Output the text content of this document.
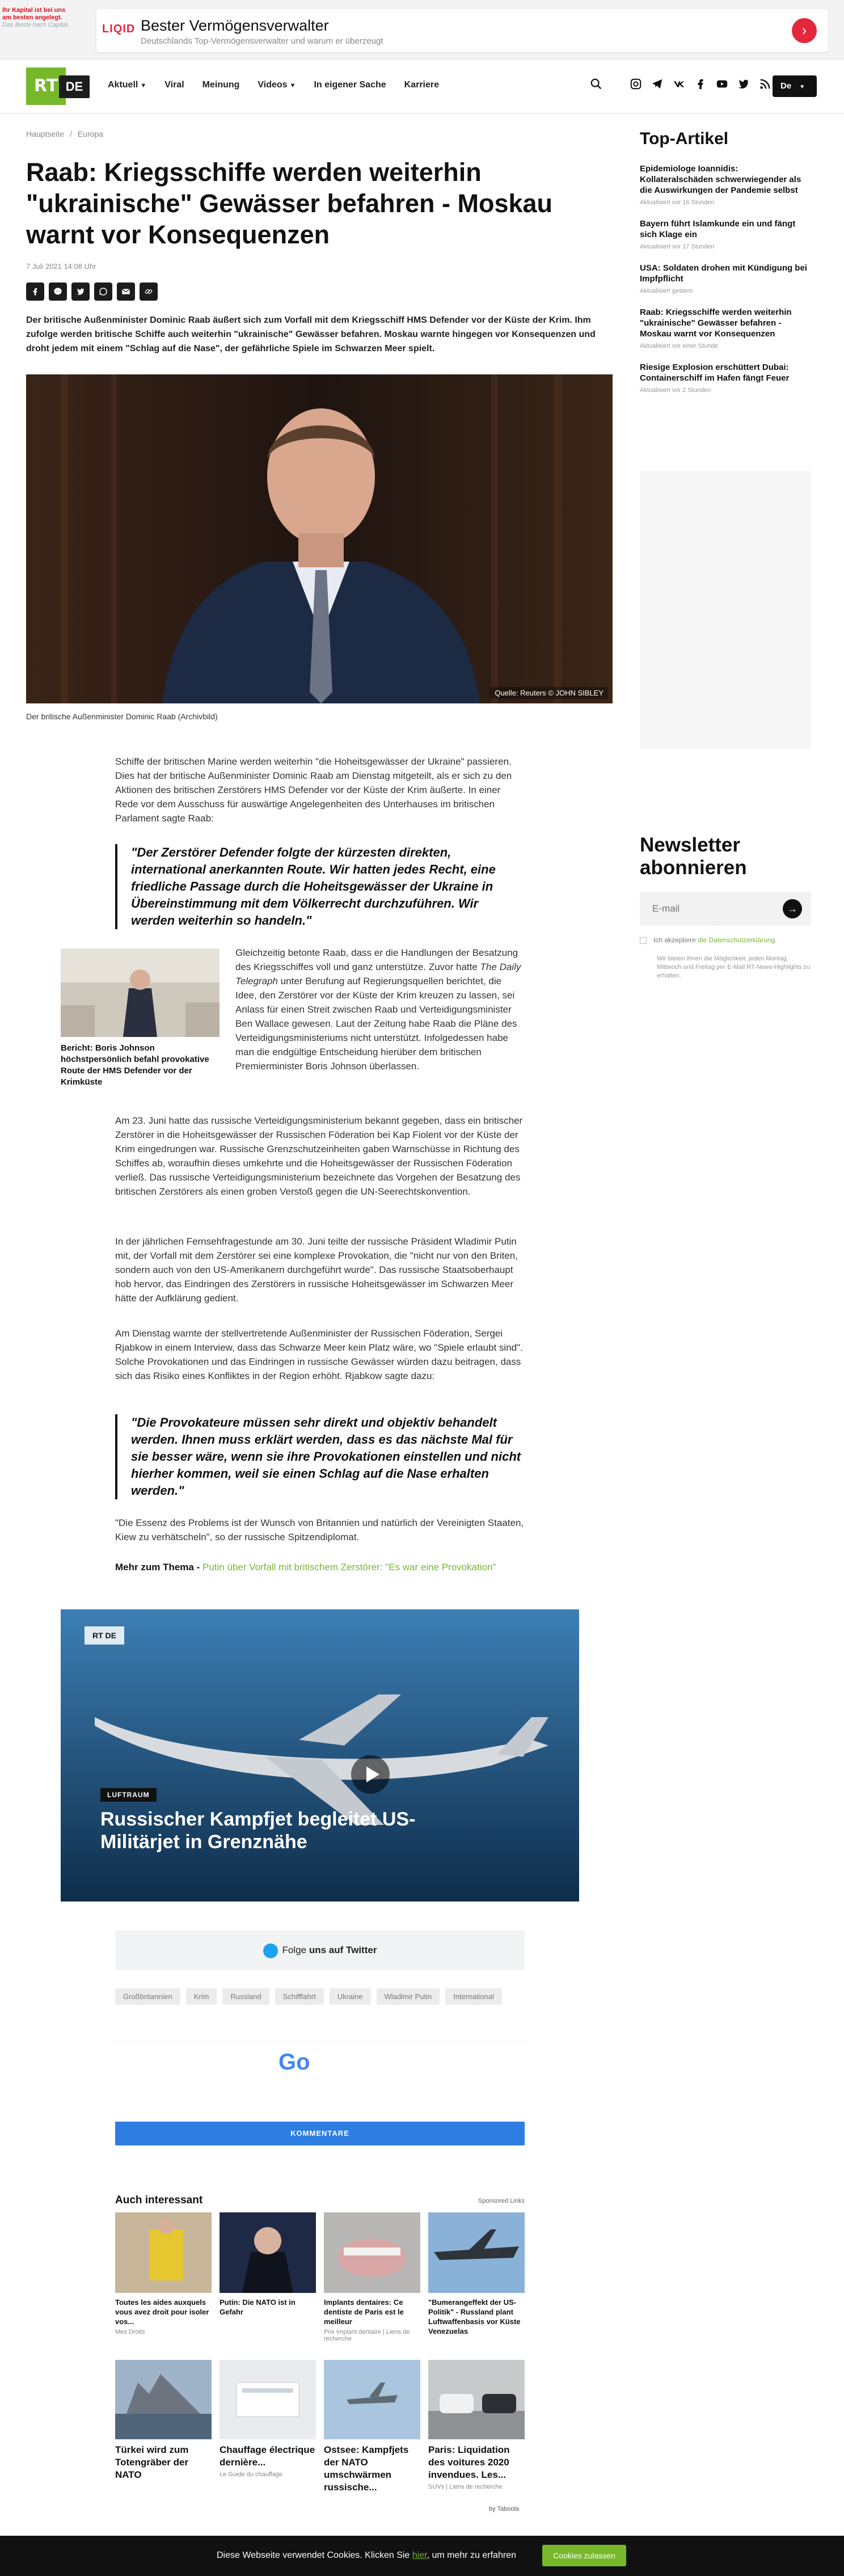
Ihr Kapital ist bei uns
am besten angelegt.
Das Beste nach Capital.	LIQID Bester Vermögensverwalter
Deutschlands Top-Vermögensverwalter und warum er überzeugt
›
RT DE	Aktuell ▼ Viral Meinung Videos ▼ In eigener Sache Karriere	De ▼
Hauptseite / Europa
Raab: Kriegsschiffe werden weiterhin "ukrainische" Gewässer befahren - Moskau warnt vor Konsequenzen
7 Juli 2021 14:08 Uhr

Der britische Außenminister Dominic Raab äußert sich zum Vorfall mit dem Kriegsschiff HMS Defender vor der Küste der Krim. Ihm zufolge werden britische Schiffe auch weiterhin "ukrainische" Gewässer befahren. Moskau warnte hingegen vor Konsequenzen und droht jedem mit einem "Schlag auf die Nase", der gefährliche Spiele im Schwarzen Meer spielt.

Quelle: Reuters © JOHN SIBLEY
Der britische Außenminister Dominic Raab (Archivbild)

Schiffe der britischen Marine werden weiterhin "die Hoheitsgewässer der Ukraine" passieren. Dies hat der britische Außenminister Dominic Raab am Dienstag mitgeteilt, als er sich zu den Aktionen des britischen Zerstörers HMS Defender vor der Küste der Krim äußerte. In einer Rede vor dem Ausschuss für auswärtige Angelegenheiten des Unterhauses im britischen Parlament sagte Raab:

"Der Zerstörer Defender folgte der kürzesten direkten, international anerkannten Route. Wir hatten jedes Recht, eine friedliche Passage durch die Hoheitsgewässer der Ukraine in Übereinstimmung mit dem Völkerrecht durchzuführen. Wir werden weiterhin so handeln."
Bericht: Boris Johnson höchstpersönlich befahl provokative Route der HMS Defender vor der Krimküste

Gleichzeitig betonte Raab, dass er die Handlungen der Besatzung des Kriegsschiffes voll und ganz unterstütze. Zuvor hatte The Daily Telegraph unter Berufung auf Regierungsquellen berichtet, die Idee, den Zerstörer vor der Küste der Krim kreuzen zu lassen, sei Anlass für einen Streit zwischen Raab und Verteidigungsminister Ben Wallace gewesen. Laut der Zeitung habe Raab die Pläne des Verteidigungsministeriums nicht unterstützt. Infolgedessen habe man die endgültige Entscheidung hierüber dem britischen Premierminister Boris Johnson überlassen.

Am 23. Juni hatte das russische Verteidigungsministerium bekannt gegeben, dass ein britischer Zerstörer in die Hoheitsgewässer der Russischen Föderation bei Kap Fiolent vor der Küste der Krim eingedrungen war. Russische Grenzschutzeinheiten gaben Warnschüsse in Richtung des Schiffes ab, woraufhin dieses umkehrte und die Hoheitsgewässer der Russischen Föderation verließ. Das russische Verteidigungsministerium bezeichnete das Vorgehen der Besatzung des britischen Zerstörers als einen groben Verstoß gegen die UN-Seerechtskonvention.

In der jährlichen Fernsehfragestunde am 30. Juni teilte der russische Präsident Wladimir Putin mit, der Vorfall mit dem Zerstörer sei eine komplexe Provokation, die "nicht nur von den Briten, sondern auch von den US-Amerikanern durchgeführt wurde". Das russische Staatsoberhaupt hob hervor, das Eindringen des Zerstörers in russische Hoheitsgewässer im Schwarzen Meer hätte der Aufklärung gedient.

Am Dienstag warnte der stellvertretende Außenminister der Russischen Föderation, Sergei Rjabkow in einem Interview, dass das Schwarze Meer kein Platz wäre, wo "Spiele erlaubt sind". Solche Provokationen und das Eindringen in russische Gewässer würden dazu beitragen, dass sich das Risiko eines Konfliktes in der Region erhöht. Rjabkow sagte dazu:

"Die Provokateure müssen sehr direkt und objektiv behandelt werden. Ihnen muss erklärt werden, dass es das nächste Mal für sie besser wäre, wenn sie ihre Provokationen einstellen und nicht hierher kommen, weil sie einen Schlag auf die Nase erhalten werden."

"Die Essenz des Problems ist der Wunsch von Britannien und natürlich der Vereinigten Staaten, Kiew zu verhätscheln", so der russische Spitzendiplomat.

Mehr zum Thema - Putin über Vorfall mit britischem Zerstörer: "Es war eine Provokation"
RT DE
LUFTRAUM
Russischer Kampfjet begleitet US-Militärjet in Grenznähe
Folge uns auf Twitter
Großbritannien	Krim	Russland	Schifffahrt	Ukraine	Wladimir Putin	International
Go
KOMMENTARE
Auch interessant	Sponsored Links
Toutes les aides auxquels vous avez droit pour isoler vos...
Mes Droits
Putin: Die NATO ist in Gefahr
Implants dentaires: Ce dentiste de Paris est le meilleur
Prix Implant dentaire | Liens de recherche
"Bumerangeffekt der US-Politik" - Russland plant Luftwaffenbasis vor Küste Venezuelas
Türkei wird zum Totengräber der NATO
Chauffage électrique dernière...
Le Guide du chauffage
Ostsee: Kampfjets der NATO umschwärmen russische...
Paris: Liquidation des voitures 2020 invendues. Les...
SUVs | Liens de recherche
by Taboola
Top-Artikel
Epidemiologe Ioannidis: Kollateralschäden schwerwiegender als die Auswirkungen der Pandemie selbst
Aktualisiert vor 16 Stunden
Bayern führt Islamkunde ein und fängt sich Klage ein
Aktualisiert vor 17 Stunden
USA: Soldaten drohen mit Kündigung bei Impfpflicht
Aktualisiert gestern
Raab: Kriegsschiffe werden weiterhin "ukrainische" Gewässer befahren - Moskau warnt vor Konsequenzen
Aktualisiert vor einer Stunde
Riesige Explosion erschüttert Dubai: Containerschiff im Hafen fängt Feuer
Aktualisiert vor 2 Stunden
Newsletter abonnieren
E-mail
→
Ich akzeptiere die Datenschutzerklärung.
Wir bieten Ihnen die Möglichkeit, jeden Montag, Mittwoch und Freitag per E-Mail RT-News-Highlights zu erhalten.
Diese Webseite verwendet Cookies. Klicken Sie hier, um mehr zu erfahren	Cookies zulassen
